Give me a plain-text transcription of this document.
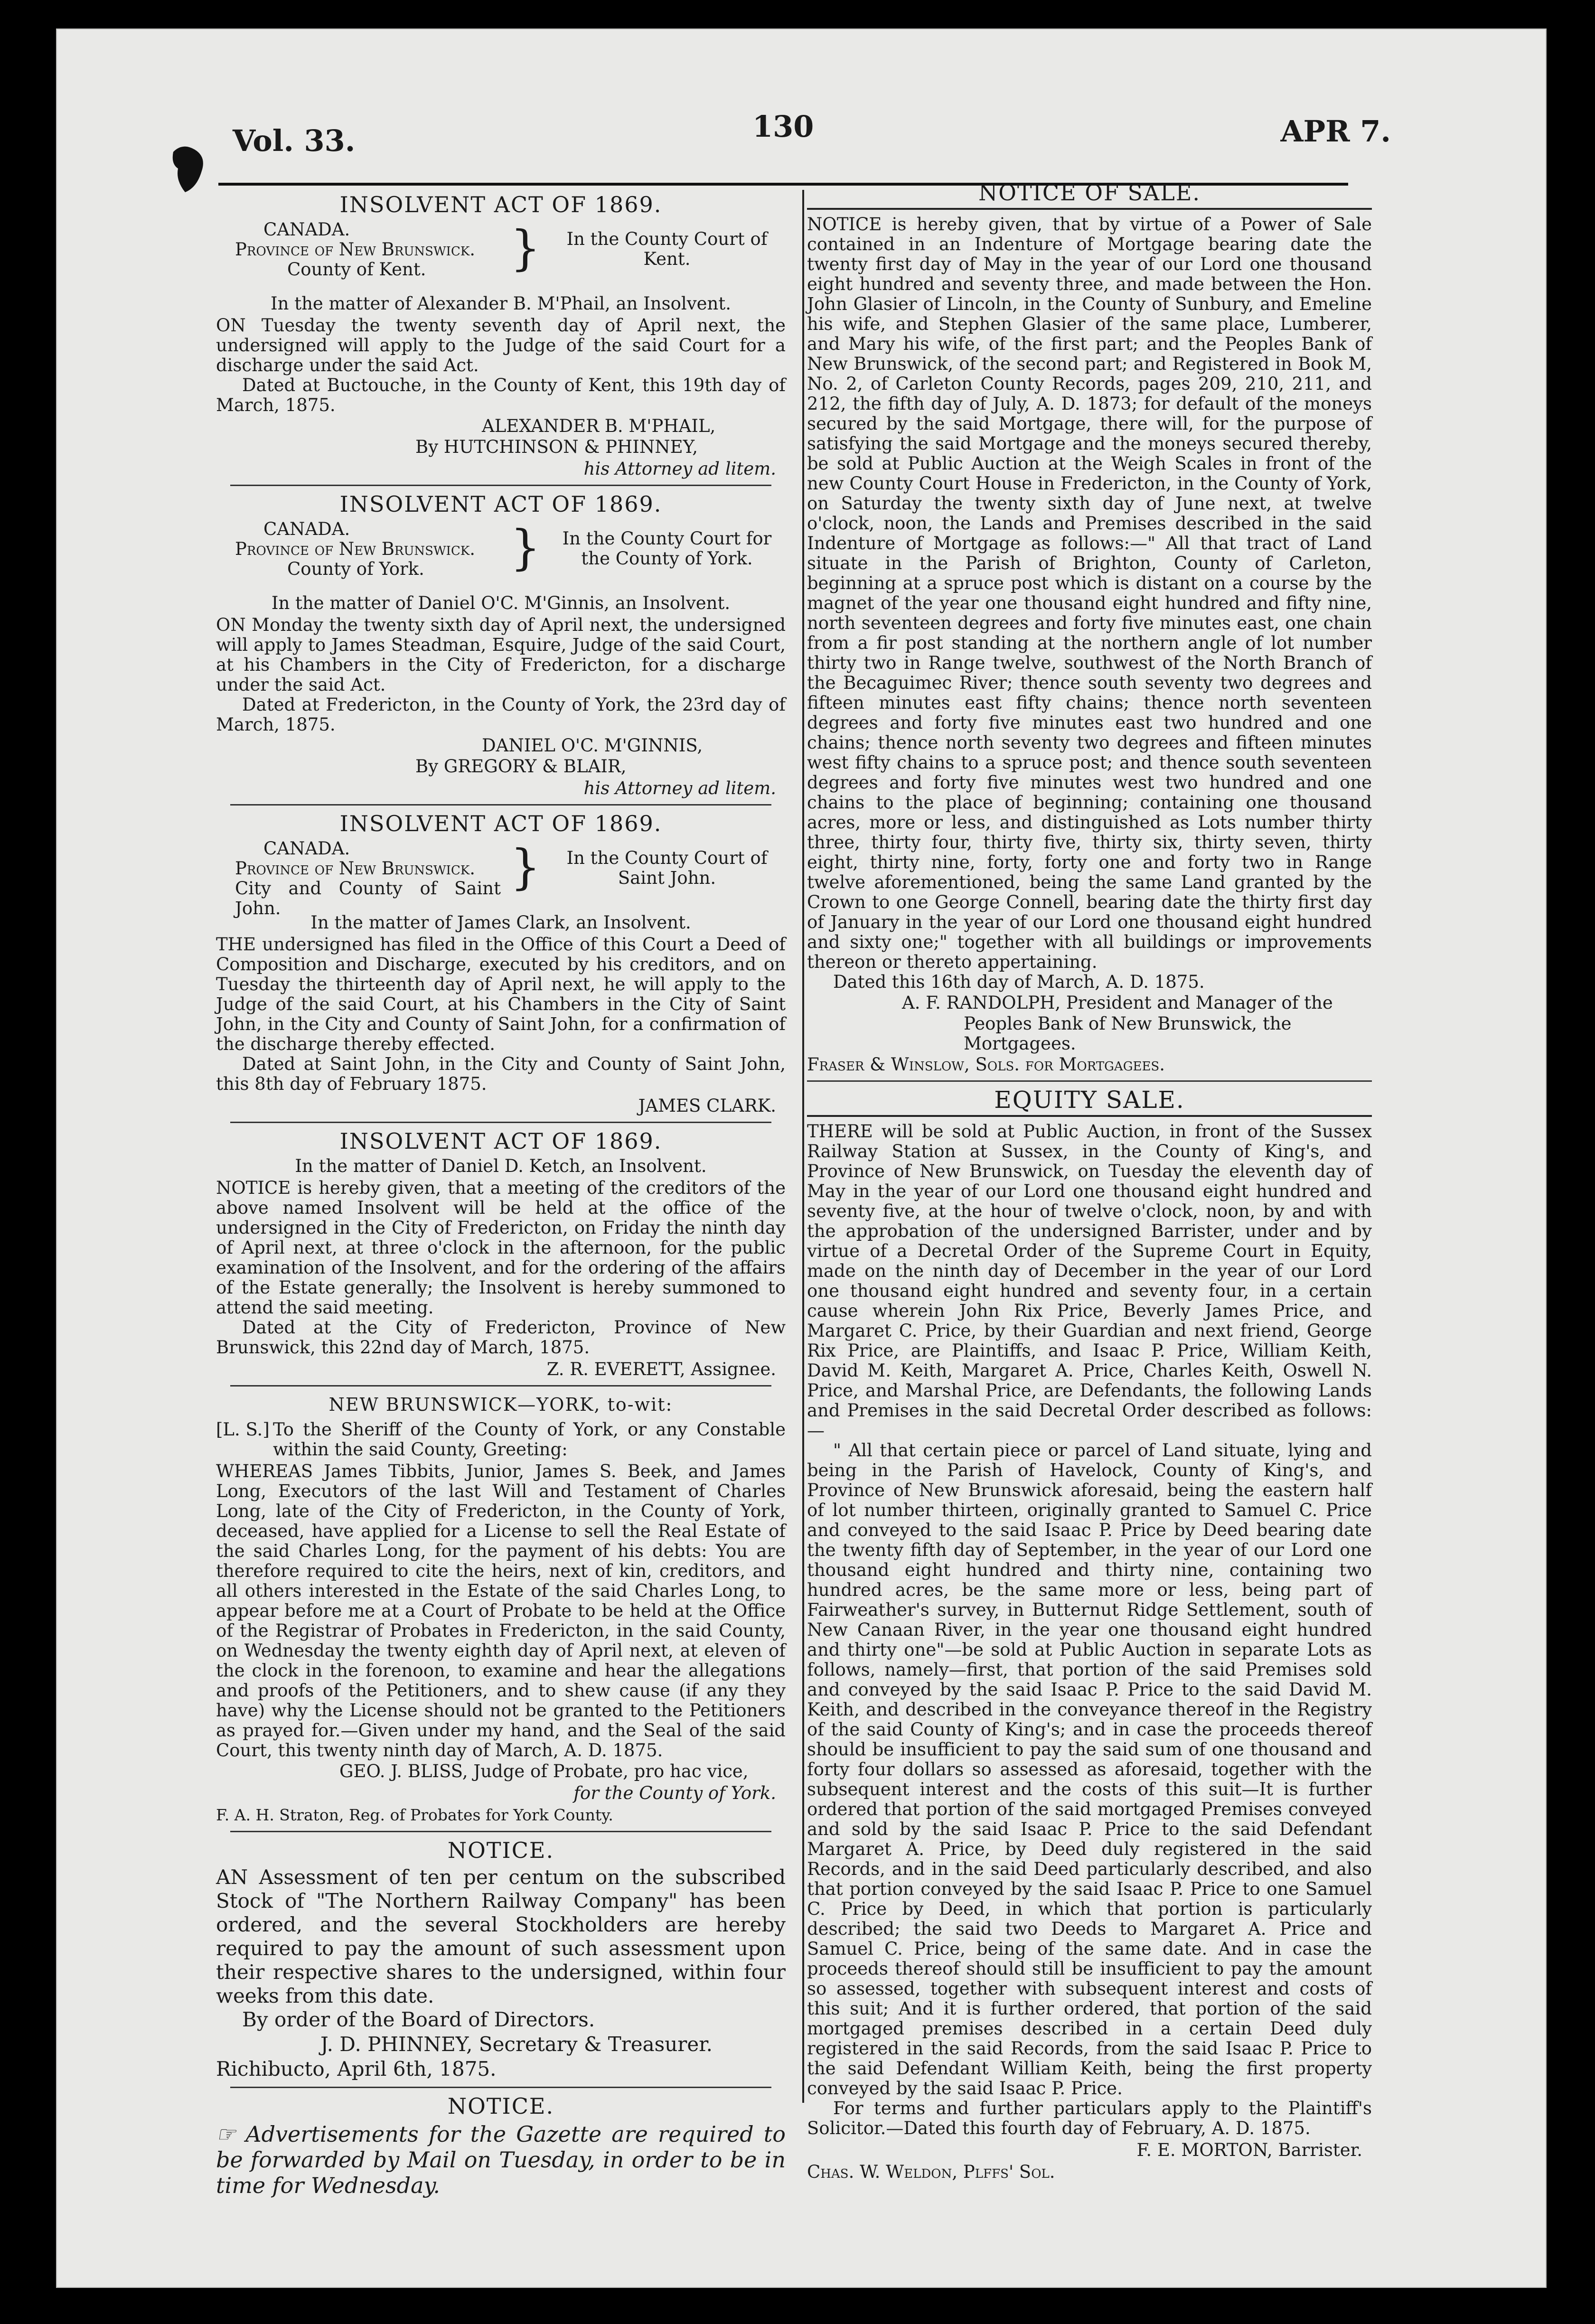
Vol. 33.	130	APR 7.
INSOLVENT ACT OF 1869.
CANADA.
Province of New Brunswick.
County of Kent.	}	In the County Court of Kent.

In the matter of Alexander B. M'Phail, an Insolvent.

ON Tuesday the twenty seventh day of April next, the undersigned will apply to the Judge of the said Court for a discharge under the said Act.

Dated at Buctouche, in the County of Kent, this 19th day of March, 1875.

ALEXANDER B. M'PHAIL,

By HUTCHINSON & PHINNEY,

his Attorney ad litem.

INSOLVENT ACT OF 1869.
CANADA.
Province of New Brunswick.
County of York.	} In the County Court for the County of York.

In the matter of Daniel O'C. M'Ginnis, an Insolvent.

ON Monday the twenty sixth day of April next, the undersigned will apply to James Steadman, Esquire, Judge of the said Court, at his Chambers in the City of Fredericton, for a discharge under the said Act.

Dated at Fredericton, in the County of York, the 23rd day of March, 1875.

DANIEL O'C. M'GINNIS,

By GREGORY & BLAIR,

his Attorney ad litem.

INSOLVENT ACT OF 1869.
CANADA.
Province of New Brunswick.
City and County of Saint John.
}	In the County Court of Saint John.

In the matter of James Clark, an Insolvent.

THE undersigned has filed in the Office of this Court a Deed of Composition and Discharge, executed by his creditors, and on Tuesday the thirteenth day of April next, he will apply to the Judge of the said Court, at his Chambers in the City of Saint John, in the City and County of Saint John, for a confirmation of the discharge thereby effected.

Dated at Saint John, in the City and County of Saint John, this 8th day of February 1875.

JAMES CLARK.

INSOLVENT ACT OF 1869.

In the matter of Daniel D. Ketch, an Insolvent.

NOTICE is hereby given, that a meeting of the creditors of the above named Insolvent will be held at the office of the undersigned in the City of Fredericton, on Friday the ninth day of April next, at three o'clock in the afternoon, for the public examination of the Insolvent, and for the ordering of the affairs of the Estate generally; the Insolvent is hereby summoned to attend the said meeting.

Dated at the City of Fredericton, Province of New Brunswick, this 22nd day of March, 1875.

Z. R. EVERETT, Assignee.

NEW BRUNSWICK—YORK, to-wit:
[L. S.] To the Sheriff of the County of York, or any Constable within the said County, Greeting:

WHEREAS James Tibbits, Junior, James S. Beek, and James Long, Executors of the last Will and Testament of Charles Long, late of the City of Fredericton, in the County of York, deceased, have applied for a License to sell the Real Estate of the said Charles Long, for the payment of his debts: You are therefore required to cite the heirs, next of kin, creditors, and all others interested in the Estate of the said Charles Long, to appear before me at a Court of Probate to be held at the Office of the Registrar of Probates in Fredericton, in the said County, on Wednesday the twenty eighth day of April next, at eleven of the clock in the forenoon, to examine and hear the allegations and proofs of the Petitioners, and to shew cause (if any they have) why the License should not be granted to the Petitioners as prayed for.—Given under my hand, and the Seal of the said Court, this twenty ninth day of March, A. D. 1875.

GEO. J. BLISS, Judge of Probate, pro hac vice,

for the County of York.

F. A. H. Straton, Reg. of Probates for York County.

NOTICE.

AN Assessment of ten per centum on the subscribed Stock of "The Northern Railway Company" has been ordered, and the several Stockholders are hereby required to pay the amount of such assessment upon their respective shares to the undersigned, within four weeks from this date.

By order of the Board of Directors.

J. D. PHINNEY, Secretary & Treasurer.

Richibucto, April 6th, 1875.

NOTICE.

☞ Advertisements for the Gazette are required to be forwarded by Mail on Tuesday, in order to be in time for Wednesday.

NOTICE OF SALE.

NOTICE is hereby given, that by virtue of a Power of Sale contained in an Indenture of Mortgage bearing date the twenty first day of May in the year of our Lord one thousand eight hundred and seventy three, and made between the Hon. John Glasier of Lincoln, in the County of Sunbury, and Emeline his wife, and Stephen Glasier of the same place, Lumberer, and Mary his wife, of the first part; and the Peoples Bank of New Brunswick, of the second part; and Registered in Book M, No. 2, of Carleton County Records, pages 209, 210, 211, and 212, the fifth day of July, A. D. 1873; for default of the moneys secured by the said Mortgage, there will, for the purpose of satisfying the said Mortgage and the moneys secured thereby, be sold at Public Auction at the Weigh Scales in front of the new County Court House in Fredericton, in the County of York, on Saturday the twenty sixth day of June next, at twelve o'clock, noon, the Lands and Premises described in the said Indenture of Mortgage as follows:—" All that tract of Land situate in the Parish of Brighton, County of Carleton, beginning at a spruce post which is distant on a course by the magnet of the year one thousand eight hundred and fifty nine, north seventeen degrees and forty five minutes east, one chain from a fir post standing at the northern angle of lot number thirty two in Range twelve, southwest of the North Branch of the Becaguimec River; thence south seventy two degrees and fifteen minutes east fifty chains; thence north seventeen degrees and forty five minutes east two hundred and one chains; thence north seventy two degrees and fifteen minutes west fifty chains to a spruce post; and thence south seventeen degrees and forty five minutes west two hundred and one chains to the place of beginning; containing one thousand acres, more or less, and distinguished as Lots number thirty three, thirty four, thirty five, thirty six, thirty seven, thirty eight, thirty nine, forty, forty one and forty two in Range twelve aforementioned, being the same Land granted by the Crown to one George Connell, bearing date the thirty first day of January in the year of our Lord one thousand eight hundred and sixty one;" together with all buildings or improvements thereon or thereto appertaining.

Dated this 16th day of March, A. D. 1875.

A. F. RANDOLPH, President and Manager of the

Peoples Bank of New Brunswick, the Mortgagees.

Fraser & Winslow, Sols. for Mortgagees.

EQUITY SALE.

THERE will be sold at Public Auction, in front of the Sussex Railway Station at Sussex, in the County of King's, and Province of New Brunswick, on Tuesday the eleventh day of May in the year of our Lord one thousand eight hundred and seventy five, at the hour of twelve o'clock, noon, by and with the approbation of the undersigned Barrister, under and by virtue of a Decretal Order of the Supreme Court in Equity, made on the ninth day of December in the year of our Lord one thousand eight hundred and seventy four, in a certain cause wherein John Rix Price, Beverly James Price, and Margaret C. Price, by their Guardian and next friend, George Rix Price, are Plaintiffs, and Isaac P. Price, William Keith, David M. Keith, Margaret A. Price, Charles Keith, Oswell N. Price, and Marshal Price, are Defendants, the following Lands and Premises in the said Decretal Order described as follows:—

" All that certain piece or parcel of Land situate, lying and being in the Parish of Havelock, County of King's, and Province of New Brunswick aforesaid, being the eastern half of lot number thirteen, originally granted to Samuel C. Price and conveyed to the said Isaac P. Price by Deed bearing date the twenty fifth day of September, in the year of our Lord one thousand eight hundred and thirty nine, containing two hundred acres, be the same more or less, being part of Fairweather's survey, in Butternut Ridge Settlement, south of New Canaan River, in the year one thousand eight hundred and thirty one"—be sold at Public Auction in separate Lots as follows, namely—first, that portion of the said Premises sold and conveyed by the said Isaac P. Price to the said David M. Keith, and described in the conveyance thereof in the Registry of the said County of King's; and in case the proceeds thereof should be insufficient to pay the said sum of one thousand and forty four dollars so assessed as aforesaid, together with the subsequent interest and the costs of this suit—It is further ordered that portion of the said mortgaged Premises conveyed and sold by the said Isaac P. Price to the said Defendant Margaret A. Price, by Deed duly registered in the said Records, and in the said Deed particularly described, and also that portion conveyed by the said Isaac P. Price to one Samuel C. Price by Deed, in which that portion is particularly described; the said two Deeds to Margaret A. Price and Samuel C. Price, being of the same date. And in case the proceeds thereof should still be insufficient to pay the amount so assessed, together with subsequent interest and costs of this suit; And it is further ordered, that portion of the said mortgaged premises described in a certain Deed duly registered in the said Records, from the said Isaac P. Price to the said Defendant William Keith, being the first property conveyed by the said Isaac P. Price.

For terms and further particulars apply to the Plaintiff's Solicitor.—Dated this fourth day of February, A. D. 1875.

F. E. MORTON, Barrister.

Chas. W. Weldon, Plffs' Sol.
